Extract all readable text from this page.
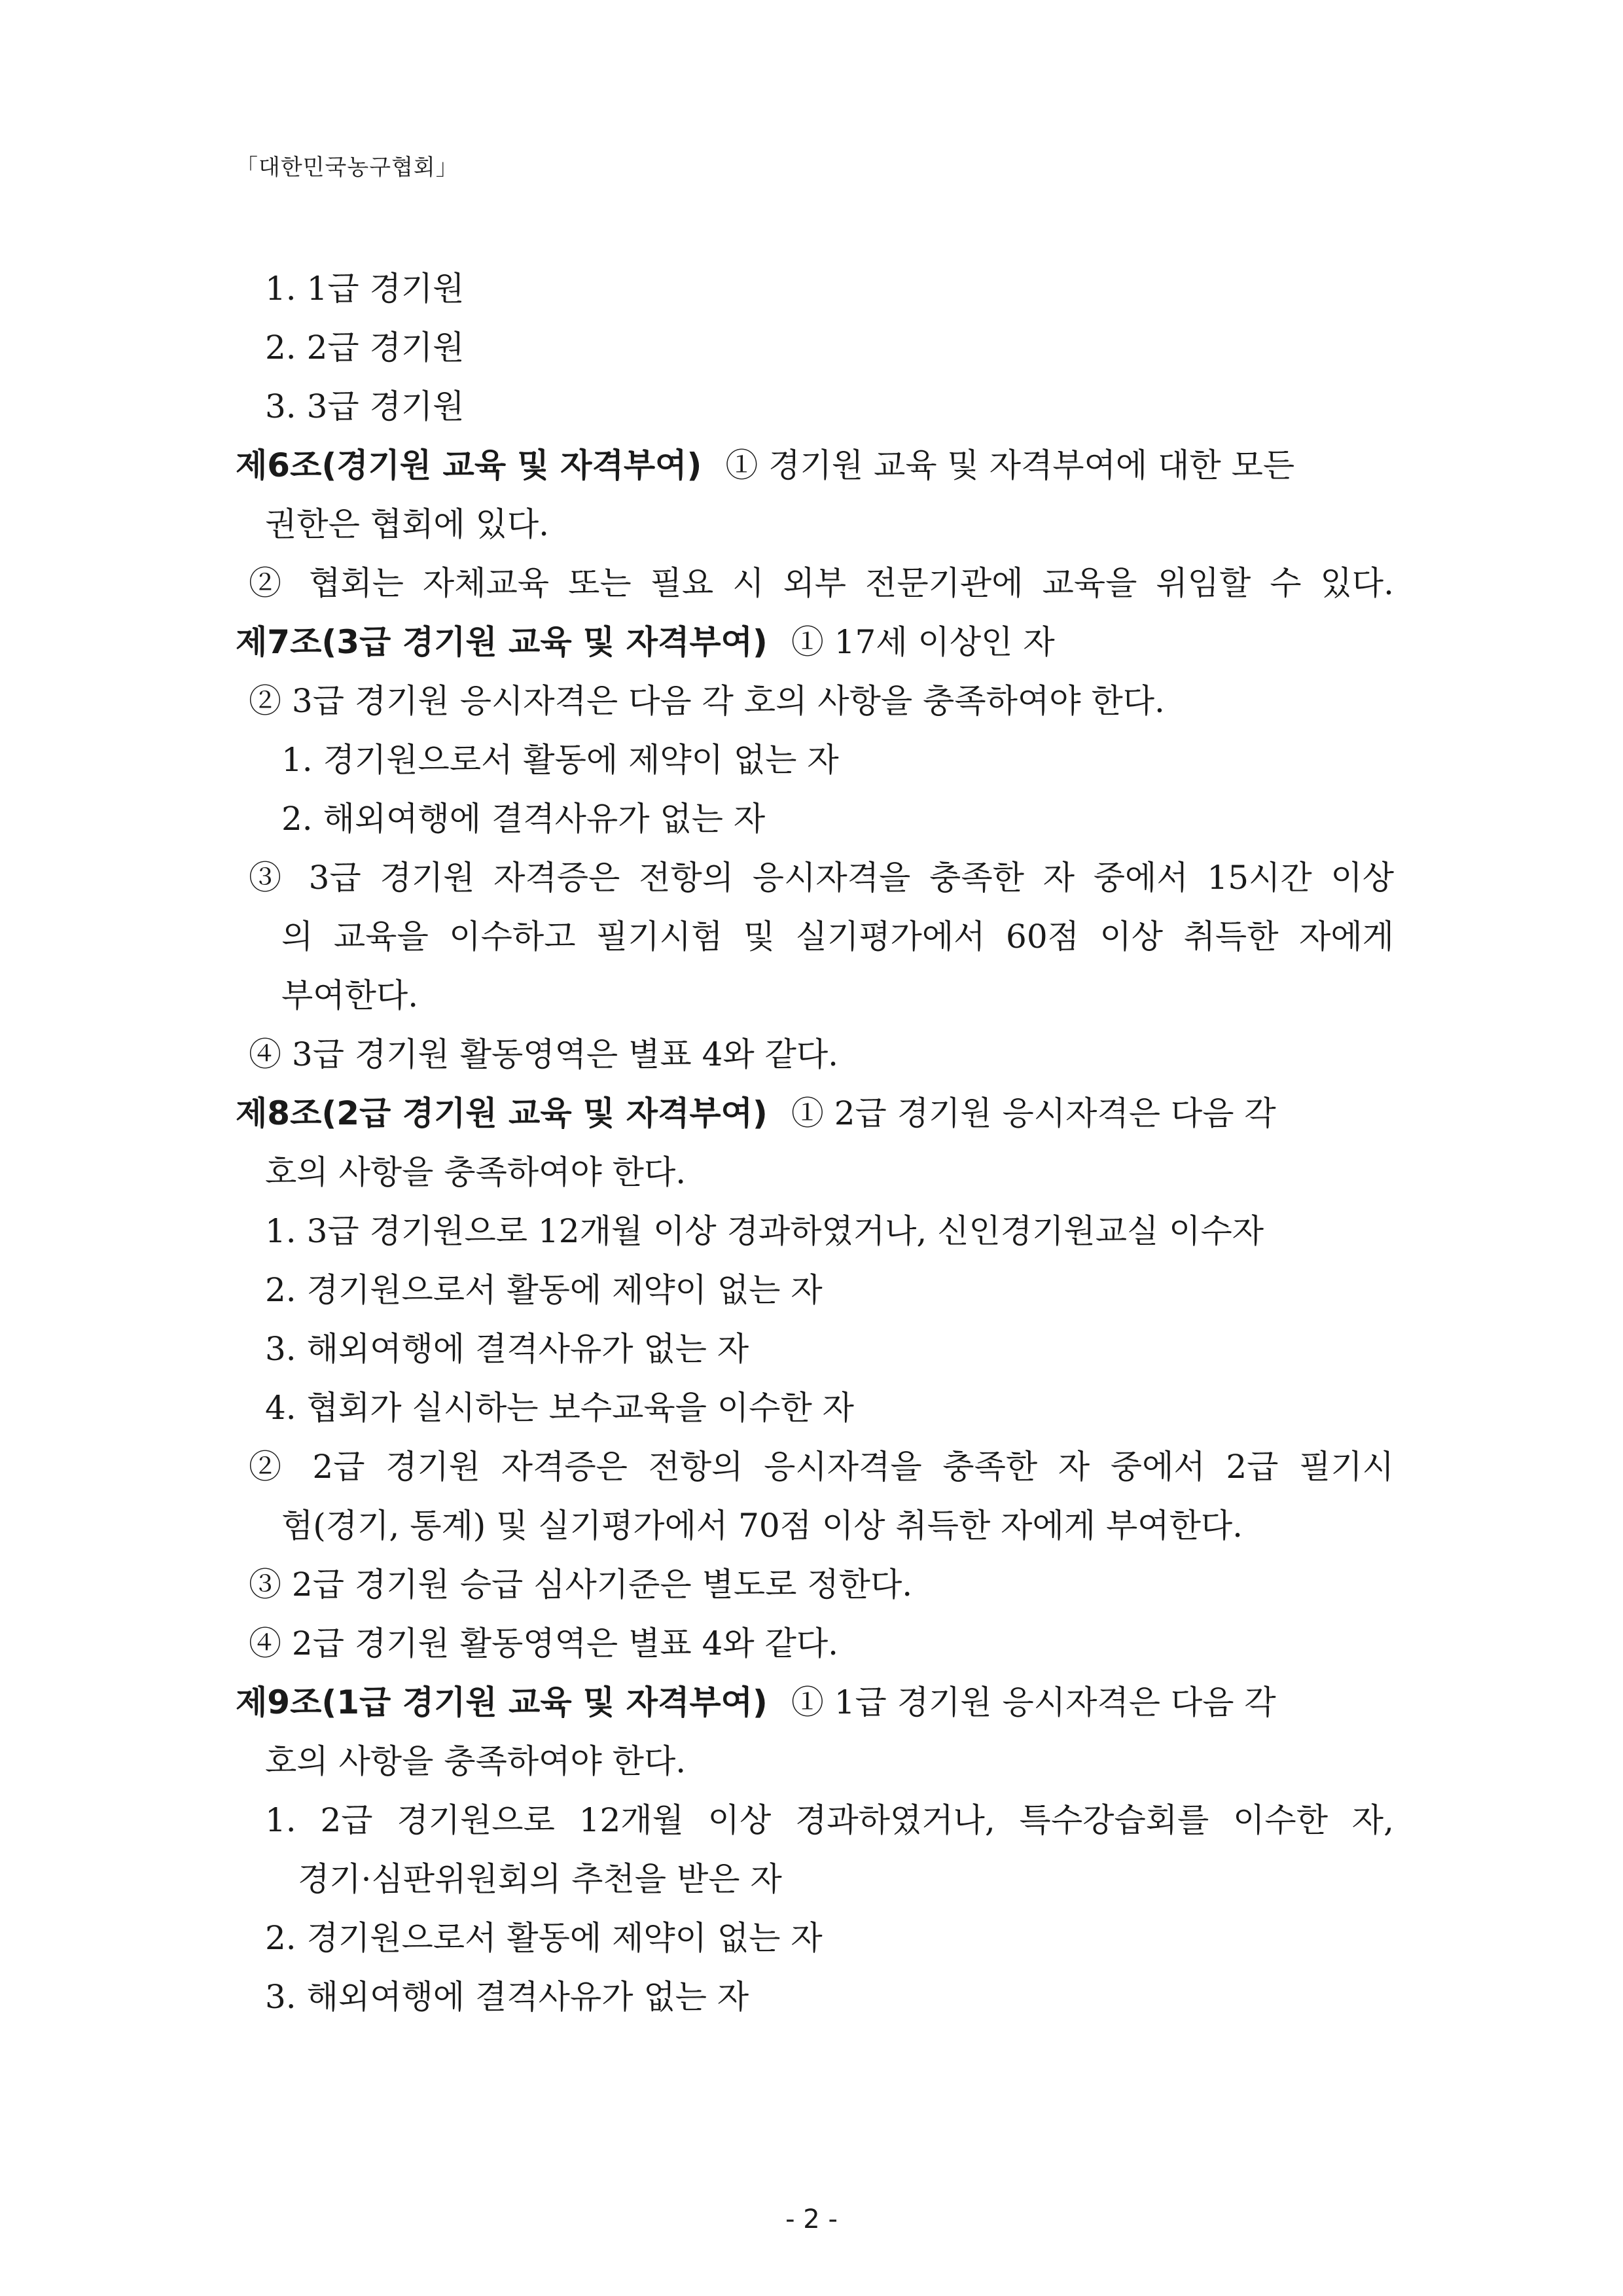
「대한민국농구협회」
1. 1급 경기원
2. 2급 경기원
3. 3급 경기원
제6조(경기원 교육 및 자격부여) ① 경기원 교육 및 자격부여에 대한 모든
권한은 협회에 있다.
② 협회는 자체교육 또는 필요 시 외부 전문기관에 교육을 위임할 수 있다.
제7조(3급 경기원 교육 및 자격부여) ① 17세 이상인 자
② 3급 경기원 응시자격은 다음 각 호의 사항을 충족하여야 한다.
1. 경기원으로서 활동에 제약이 없는 자
2. 해외여행에 결격사유가 없는 자
③ 3급 경기원 자격증은 전항의 응시자격을 충족한 자 중에서 15시간 이상
의 교육을 이수하고 필기시험 및 실기평가에서 60점 이상 취득한 자에게
부여한다.
④ 3급 경기원 활동영역은 별표 4와 같다.
제8조(2급 경기원 교육 및 자격부여) ① 2급 경기원 응시자격은 다음 각
호의 사항을 충족하여야 한다.
1. 3급 경기원으로 12개월 이상 경과하였거나, 신인경기원교실 이수자
2. 경기원으로서 활동에 제약이 없는 자
3. 해외여행에 결격사유가 없는 자
4. 협회가 실시하는 보수교육을 이수한 자
② 2급 경기원 자격증은 전항의 응시자격을 충족한 자 중에서 2급 필기시
험(경기, 통계) 및 실기평가에서 70점 이상 취득한 자에게 부여한다.
③ 2급 경기원 승급 심사기준은 별도로 정한다.
④ 2급 경기원 활동영역은 별표 4와 같다.
제9조(1급 경기원 교육 및 자격부여) ① 1급 경기원 응시자격은 다음 각
호의 사항을 충족하여야 한다.
1. 2급 경기원으로 12개월 이상 경과하였거나, 특수강습회를 이수한 자,
경기·심판위원회의 추천을 받은 자
2. 경기원으로서 활동에 제약이 없는 자
3. 해외여행에 결격사유가 없는 자
- 2 -
